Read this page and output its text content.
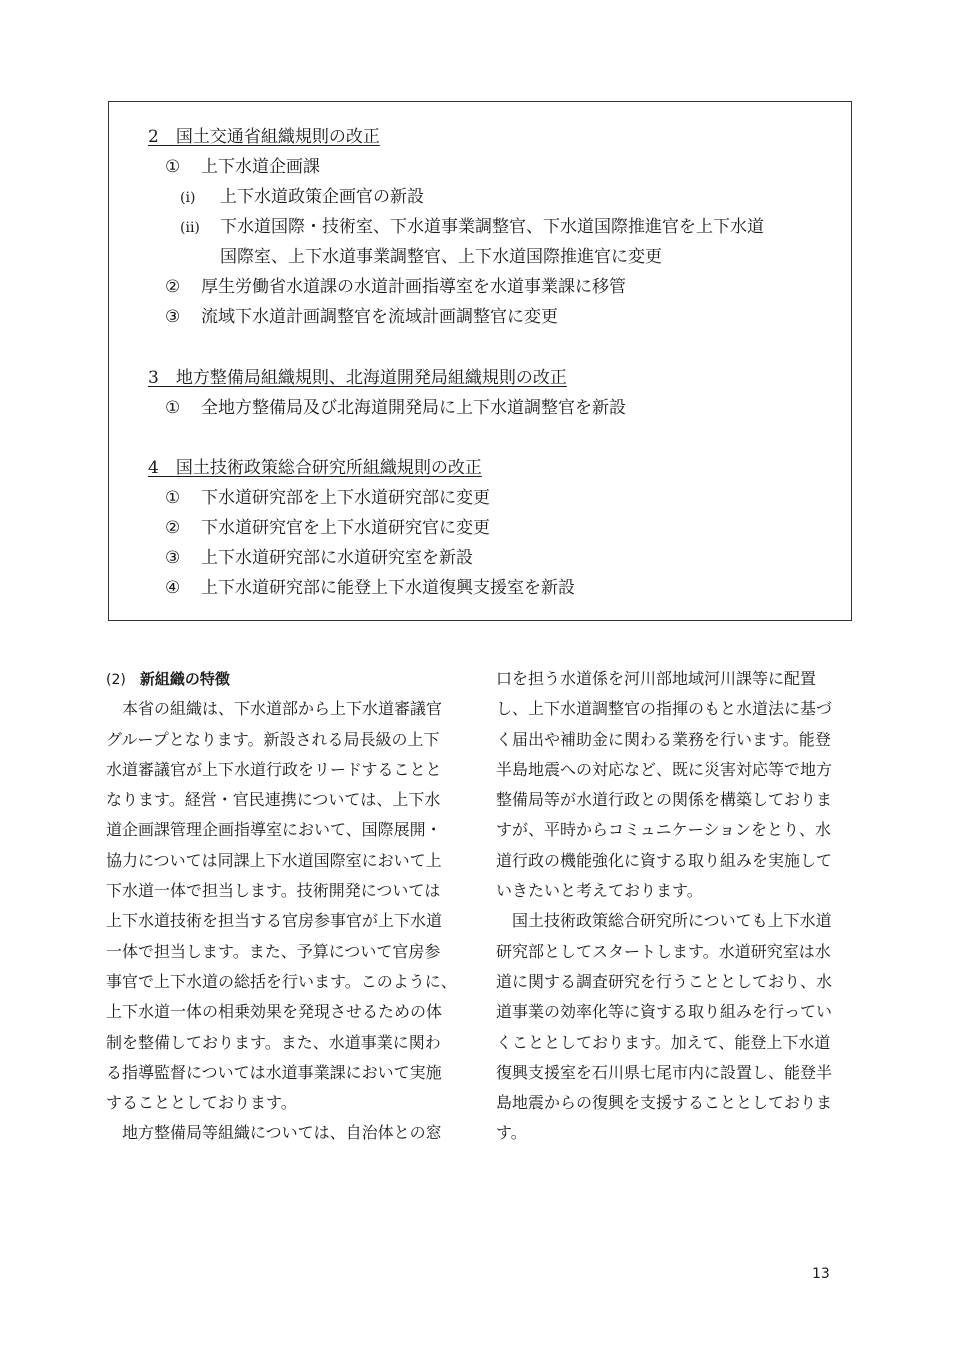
2　 国土交通省組織規則の改正
① 上下水道企画課
(i) 上下水道政策企画官の新設
(ii) 下水道国際・技術室、下水道事業調整官、下水道国際推進官を上下水道
国際室、上下水道事業調整官、上下水道国際推進官に変更
② 厚生労働省水道課の水道計画指導室を水道事業課に移管
③ 流域下水道計画調整官を流域計画調整官に変更
3　 地方整備局組織規則、北海道開発局組織規則の改正
① 全地方整備局及び北海道開発局に上下水道調整官を新設
4　 国土技術政策総合研究所組織規則の改正
① 下水道研究部を上下水道研究部に変更
② 下水道研究官を上下水道研究官に変更
③ 上下水道研究部に水道研究室を新設
④ 上下水道研究部に能登上下水道復興支援室を新設
(2) 新組織の特徴
　本省の組織は、下水道部から上下水道審議官
グループとなります。新設される局長級の上下
水道審議官が上下水道行政をリードすることと
なります。経営・官民連携については、上下水
道企画課管理企画指導室において、国際展開・
協力については同課上下水道国際室において上
下水道一体で担当します。技術開発については
上下水道技術を担当する官房参事官が上下水道
一体で担当します。また、予算について官房参
事官で上下水道の総括を行います。このように、
上下水道一体の相乗効果を発現させるための体
制を整備しております。また、水道事業に関わ
る指導監督については水道事業課において実施
することとしております。
　地方整備局等組織については、自治体との窓
口を担う水道係を河川部地域河川課等に配置
し、上下水道調整官の指揮のもと水道法に基づ
く届出や補助金に関わる業務を行います。能登
半島地震への対応など、既に災害対応等で地方
整備局等が水道行政との関係を構築しておりま
すが、平時からコミュニケーションをとり、水
道行政の機能強化に資する取り組みを実施して
いきたいと考えております。
　国土技術政策総合研究所についても上下水道
研究部としてスタートします。水道研究室は水
道に関する調査研究を行うこととしており、水
道事業の効率化等に資する取り組みを行ってい
くこととしております。加えて、能登上下水道
復興支援室を石川県七尾市内に設置し、能登半
島地震からの復興を支援することとしておりま
す。
13
